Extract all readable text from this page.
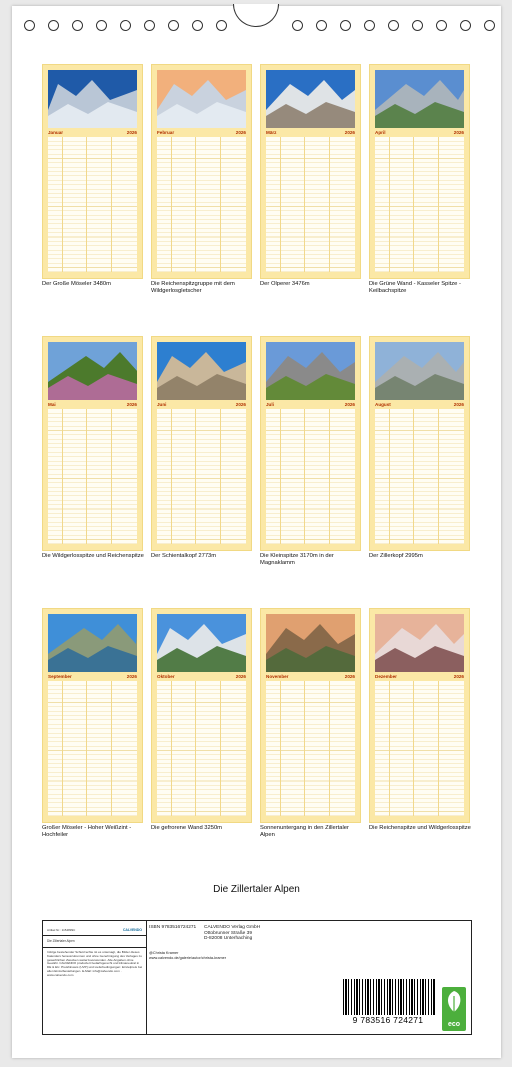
Januar	2026
Der Große Möseler 3480m
Februar	2026
Die Reichenspitzgruppe mit dem Wildgerlosgletscher
März	2026
Der Olperer 3476m
April	2026
Die Grüne Wand - Kasseler Spitze - Keilbachspitze
Mai	2026
Die Wildgerlosspitze und Reichenspitze
Juni	2026
Der Schientalkopf 2773m
Juli	2026
Die Kleinspitze 3170m in der Magnaklamm
August	2026
Der Zillerkopf 2995m
September	2026
Großer Möseler - Hoher Weißzint - Hochfeiler
Oktober	2026
Die gefrorene Wand 3250m
November	2026
Sonnenuntergang in den Zillertaler Alpen
Dezember	2026
Die Reichenspitze und Wildgerlosspitze
Die Zillertaler Alpen
Artikel Nr.: 1154899C	CALVENDO
Die Zillertaler Alpen
Infolge bestehender Schutzrechte ist es untersagt, die Bilder dieses Kalenders herauszutrennen und ohne Genehmigung des Verlages zu gewerblichen Zwecken weiterzuverwenden. Alle Angaben ohne Gewähr. CALVENDO produziert bedarfsgerecht und klimaneutral in DE & EU. Preishinweis (UVP) und Lieferbedingungen: Einzelpreis bei allen Einzelbestellungen. E-Mail: info@calvendo.com · www.calvendo.com
ISBN 9783516724271 CALVENDO Verlag GmbH
Ottobrunner Straße 39
D-82008 Unterhaching
@Christa Kramer
www.calvendo.de/galerie/autor/christa-kramer
9 783516 724271	eco
